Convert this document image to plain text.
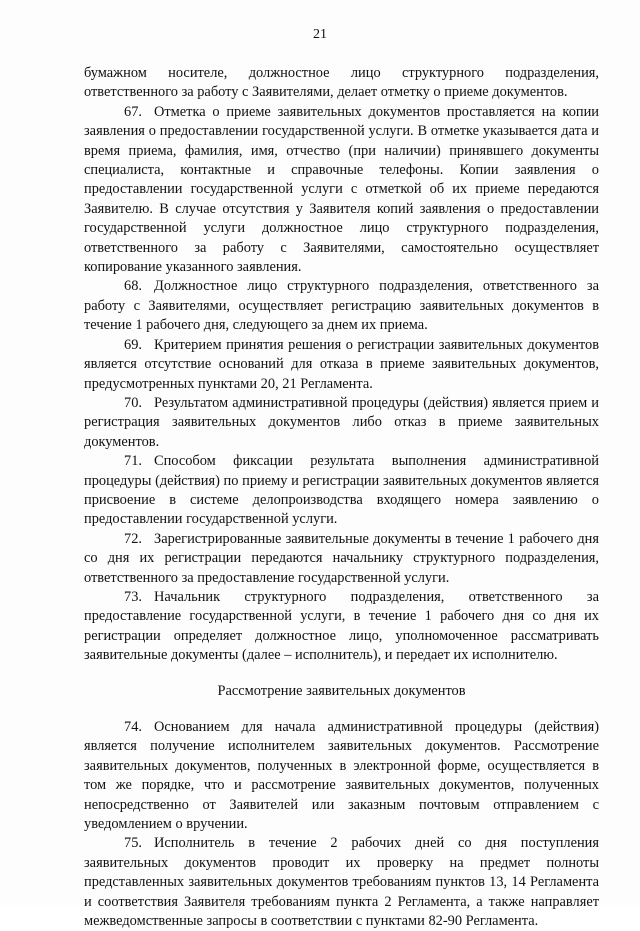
21

бумажном носителе, должностное лицо структурного подразделения, ответственного за работу с Заявителями, делает отметку о приеме документов.

67. Отметка о приеме заявительных документов проставляется на копии заявления о предоставлении государственной услуги. В отметке указывается дата и время приема, фамилия, имя, отчество (при наличии) принявшего документы специалиста, контактные и справочные телефоны. Копии заявления о предоставлении государственной услуги с отметкой об их приеме передаются Заявителю. В случае отсутствия у Заявителя копий заявления о предоставлении государственной услуги должностное лицо структурного подразделения, ответственного за работу с Заявителями, самостоятельно осуществляет копирование указанного заявления.

68. Должностное лицо структурного подразделения, ответственного за работу с Заявителями, осуществляет регистрацию заявительных документов в течение 1 рабочего дня, следующего за днем их приема.

69. Критерием принятия решения о регистрации заявительных документов является отсутствие оснований для отказа в приеме заявительных документов, предусмотренных пунктами 20, 21 Регламента.

70. Результатом административной процедуры (действия) является прием и регистрация заявительных документов либо отказ в приеме заявительных документов.

71. Способом фиксации результата выполнения административной процедуры (действия) по приему и регистрации заявительных документов является присвоение в системе делопроизводства входящего номера заявлению о предоставлении государственной услуги.

72. Зарегистрированные заявительные документы в течение 1 рабочего дня со дня их регистрации передаются начальнику структурного подразделения, ответственного за предоставление государственной услуги.

73. Начальник структурного подразделения, ответственного за предоставление государственной услуги, в течение 1 рабочего дня со дня их регистрации определяет должностное лицо, уполномоченное рассматривать заявительные документы (далее – исполнитель), и передает их исполнителю.

Рассмотрение заявительных документов

74. Основанием для начала административной процедуры (действия) является получение исполнителем заявительных документов. Рассмотрение заявительных документов, полученных в электронной форме, осуществляется в том же порядке, что и рассмотрение заявительных документов, полученных непосредственно от Заявителей или заказным почтовым отправлением с уведомлением о вручении.

75. Исполнитель в течение 2 рабочих дней со дня поступления заявительных документов проводит их проверку на предмет полноты представленных заявительных документов требованиям пунктов 13, 14 Регламента и соответствия Заявителя требованиям пункта 2 Регламента, а также направляет межведомственные запросы в соответствии с пунктами 82-90 Регламента.
